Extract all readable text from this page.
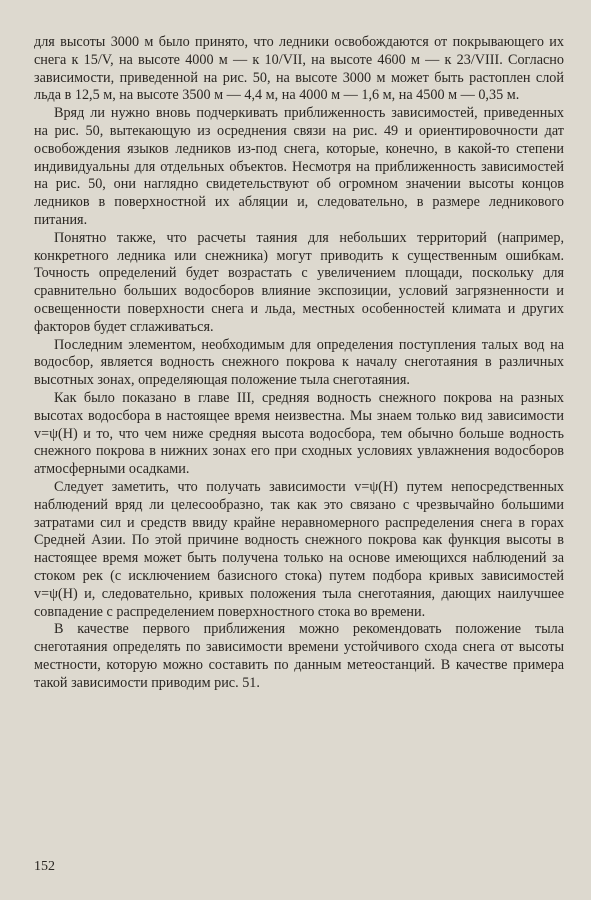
для высоты 3000 м было принято, что ледники освобождаются от покрывающего их снега к 15/V, на высоте 4000 м — к 10/VII, на высоте 4600 м — к 23/VIII. Согласно зависимости, приведенной на рис. 50, на высоте 3000 м может быть растоплен слой льда в 12,5 м, на высоте 3500 м — 4,4 м, на 4000 м — 1,6 м, на 4500 м — 0,35 м.

Вряд ли нужно вновь подчеркивать приближенность зависимостей, приведенных на рис. 50, вытекающую из осреднения связи на рис. 49 и ориентировочности дат освобождения языков ледников из-под снега, которые, конечно, в какой-то степени индивидуальны для отдельных объектов. Несмотря на приближенность зависимостей на рис. 50, они наглядно свидетельствуют об огромном значении высоты концов ледников в поверхностной их абляции и, следовательно, в размере ледникового питания.

Понятно также, что расчеты таяния для небольших территорий (например, конкретного ледника или снежника) могут приводить к существенным ошибкам. Точность определений будет возрастать с увеличением площади, поскольку для сравнительно больших водосборов влияние экспозиции, условий загрязненности и освещенности поверхности снега и льда, местных особенностей климата и других факторов будет сглаживаться.

Последним элементом, необходимым для определения поступления талых вод на водосбор, является водность снежного покрова к началу снеготаяния в различных высотных зонах, определяющая положение тыла снеготаяния.

Как было показано в главе III, средняя водность снежного покрова на разных высотах водосбора в настоящее время неизвестна. Мы знаем только вид зависимости v=ψ(H) и то, что чем ниже средняя высота водосбора, тем обычно больше водность снежного покрова в нижних зонах его при сходных условиях увлажнения водосборов атмосферными осадками.

Следует заметить, что получать зависимости v=ψ(H) путем непосредственных наблюдений вряд ли целесообразно, так как это связано с чрезвычайно большими затратами сил и средств ввиду крайне неравномерного распределения снега в горах Средней Азии. По этой причине водность снежного покрова как функция высоты в настоящее время может быть получена только на основе имеющихся наблюдений за стоком рек (с исключением базисного стока) путем подбора кривых зависимостей v=ψ(H) и, следовательно, кривых положения тыла снеготаяния, дающих наилучшее совпадение с распределением поверхностного стока во времени.

В качестве первого приближения можно рекомендовать положение тыла снеготаяния определять по зависимости времени устойчивого схода снега от высоты местности, которую можно составить по данным метеостанций. В качестве примера такой зависимости приводим рис. 51.

152
